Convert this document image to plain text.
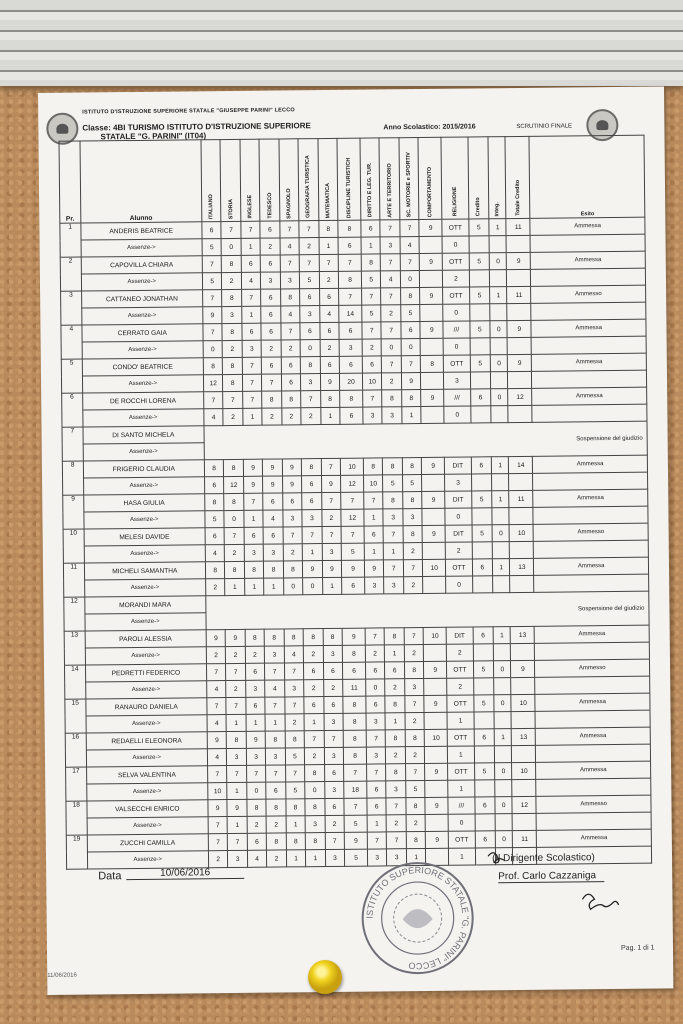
ISTITUTO D'ISTRUZIONE SUPERIORE STATALE "GIUSEPPE PARINI" LECCO
Classe: 4BI TURISMO ISTITUTO D'ISTRUZIONE SUPERIORE
STATALE "G. PARINI" (IT04)
Anno Scolastico: 2015/2016	SCRUTINIO FINALE
Pr.	Alunno	ITALIANO	STORIA	INGLESE	TEDESCO	SPAGNOLO	GEOGRAFIA TURISTICA	MATEMATICA	DISCIPLINE TURISTICH	DIRITTO E LEG. TUR.	ARTE E TERRITORIO	SC. MOTORIE e SPORTIV	COMPORTAMENTO	RELIGIONE	Credito	Integ.	Totale Credito	Esito
1	ANDERIS BEATRICE	6	7	7	6	7	7	8	8	6	7	7	9	OTT	5	1	11	Ammessa
	Assenze->	5	0	1	2	4	2	1	6	1	3	4		0				
2	CAPOVILLA CHIARA	7	8	6	6	7	7	7	7	8	7	7	9	OTT	5	0	9	Ammessa
	Assenze->	5	2	4	3	3	5	2	8	5	4	0		2				
3	CATTANEO JONATHAN	7	8	7	6	8	6	6	7	7	7	8	9	OTT	5	1	11	Ammesso
	Assenze->	9	3	1	6	4	3	4	14	5	2	5		0				
4	CERRATO GAIA	7	8	6	6	7	6	6	6	7	7	6	9	///	5	0	9	Ammessa
	Assenze->	0	2	3	2	2	0	2	3	2	0	0		0				
5	CONDO' BEATRICE	8	8	7	6	6	8	6	6	6	7	7	8	OTT	5	0	9	Ammessa
	Assenze->	12	8	7	7	6	3	9	20	10	2	9		3				
6	DE ROCCHI LORENA	7	7	7	8	8	7	8	8	7	8	8	9	///	6	0	12	Ammessa
	Assenze->	4	2	1	2	2	2	1	6	3	3	1		0				
7	DI SANTO MICHELA	Sospensione del giudizio																
	Assenze->																	
8	FRIGERIO CLAUDIA	8	8	9	9	9	8	7	10	8	8	8	9	DIT	6	1	14	Ammessa
	Assenze->	6	12	9	9	9	6	9	12	10	5	5		3				
9	HASA GIULIA	8	8	7	6	6	6	7	7	7	8	8	9	DIT	5	1	11	Ammessa
	Assenze->	5	0	1	4	3	3	2	12	1	3	3		0				
10	MELESI DAVIDE	6	7	6	6	7	7	7	7	6	7	8	9	DIT	5	0	10	Ammesso
	Assenze->	4	2	3	3	2	1	3	5	1	1	2		2				
11	MICHELI SAMANTHA	8	8	8	8	8	9	9	9	9	7	7	10	OTT	6	1	13	Ammessa
	Assenze->	2	1	1	1	0	0	1	6	3	3	2		0				
12	MORANDI MARA	Sospensione del giudizio																
	Assenze->																	
13	PAROLI ALESSIA	9	9	8	8	8	8	8	9	7	8	7	10	DIT	6	1	13	Ammessa
	Assenze->	2	2	2	3	4	2	3	8	2	1	2		2				
14	PEDRETTI FEDERICO	7	7	6	7	7	6	6	6	6	6	8	9	OTT	5	0	9	Ammesso
	Assenze->	4	2	3	4	3	2	2	11	0	2	3		2				
15	RANAURO DANIELA	7	7	6	7	7	6	6	8	6	8	7	9	OTT	5	0	10	Ammessa
	Assenze->	4	1	1	1	2	1	3	8	3	1	2		1				
16	REDAELLI ELEONORA	9	8	9	8	8	7	7	8	7	8	8	10	OTT	6	1	13	Ammessa
	Assenze->	4	3	3	3	5	2	3	8	3	2	2		1				
17	SELVA VALENTINA	7	7	7	7	7	8	6	7	7	8	7	9	OTT	5	0	10	Ammessa
	Assenze->	10	1	0	6	5	0	3	18	6	3	5		1				
18	VALSECCHI ENRICO	9	9	8	8	8	8	6	7	6	7	8	9	///	6	0	12	Ammesso
	Assenze->	7	1	2	2	1	3	2	5	1	2	2		0				
19	ZUCCHI CAMILLA	7	7	6	8	8	8	7	9	7	7	8	9	OTT	6	0	11	Ammessa
	Assenze->	2	3	4	2	1	1	3	5	3	3	1		1				
Data	10/06/2016
(Il Dirigente Scolastico)
Prof. Carlo Cazzaniga
ISTITUTO SUPERIORE STATALE "G. PARINI" LECCO
Pag. 1 di 1
11/06/2016
